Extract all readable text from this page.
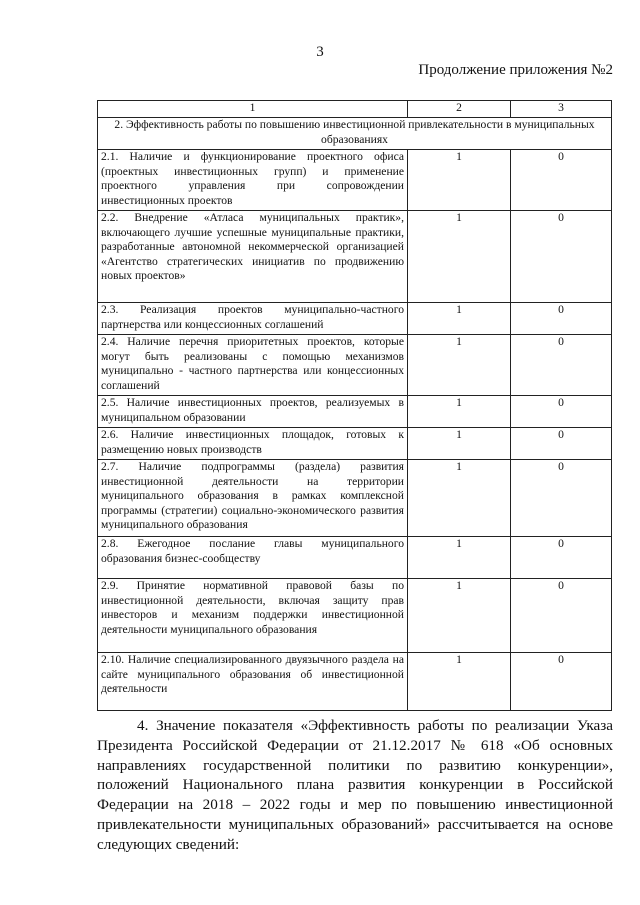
3
Продолжение приложения №2
1	2	3
2. Эффективность работы по повышению инвестиционной привлекательности в муниципальных образованиях		
2.1. Наличие и функционирование проектного офиса (проектных инвестиционных групп) и применение проектного управления при сопровождении инвестиционных проектов	1	0
2.2. Внедрение «Атласа муниципальных практик», включающего лучшие успешные муниципальные практики, разработанные автономной некоммерческой организацией «Агентство стратегических инициатив по продвижению новых проектов»	1	0
2.3. Реализация проектов муниципально-частного партнерства или концессионных соглашений	1	0
2.4. Наличие перечня приоритетных проектов, которые могут быть реализованы с помощью механизмов муниципально - частного партнерства или концессионных соглашений	1	0
2.5. Наличие инвестиционных проектов, реализуемых в муниципальном образовании	1	0
2.6. Наличие инвестиционных площадок, готовых к размещению новых производств	1	0
2.7. Наличие подпрограммы (раздела) развития инвестиционной деятельности на территории муниципального образования в рамках комплексной программы (стратегии) социально-экономического развития муниципального образования	1	0
2.8. Ежегодное послание главы муниципального образования бизнес-сообществу	1	0
2.9. Принятие нормативной правовой базы по инвестиционной деятельности, включая защиту прав инвесторов и механизм поддержки инвестиционной деятельности муниципального образования	1	0
2.10. Наличие специализированного двуязычного раздела на сайте муниципального образования об инвестиционной деятельности	1	0
4. Значение показателя «Эффективность работы по реализации Указа Президента Российской Федерации от 21.12.2017 № 618 «Об основных направлениях государственной политики по развитию конкуренции», положений Национального плана развития конкуренции в Российской Федерации на 2018 – 2022 годы и мер по повышению инвестиционной привлекательности муниципальных образований» рассчитывается на основе следующих сведений:
